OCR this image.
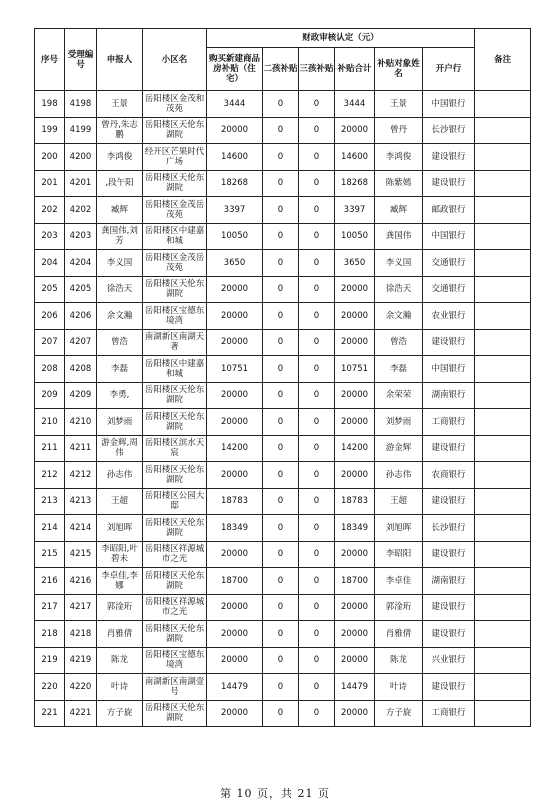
序号	受理编号	申报人	小区名	财政审核认定（元）						备注
				购买新建商品房补贴（住宅）	二孩补贴	三孩补贴	补贴合计	补贴对象姓名	开户行	
198	4198	王景	岳阳楼区金茂和茂苑	3444	0	0	3444	王景	中国银行	
199	4199	曾丹,朱志鹏	岳阳楼区天伦东湖院	20000	0	0	20000	曾丹	长沙银行	
200	4200	李鸿俊	经开区芒果时代广场	14600	0	0	14600	李鸿俊	建设银行	
201	4201	,段午阳	岳阳楼区天伦东湖院	18268	0	0	18268	陈紫嫣	建设银行	
202	4202	臧辉	岳阳楼区金茂岳茂苑	3397	0	0	3397	臧辉	邮政银行	
203	4203	龚国伟,刘芳	岳阳楼区中建嘉和城	10050	0	0	10050	龚国伟	中国银行	
204	4204	李义国	岳阳楼区金茂岳茂苑	3650	0	0	3650	李义国	交通银行	
205	4205	徐浩天	岳阳楼区天伦东湖院	20000	0	0	20000	徐浩天	交通银行	
206	4206	余文瀚	岳阳楼区宝德东境湾	20000	0	0	20000	余文瀚	农业银行	
207	4207	曾浩	南湖新区南湖天著	20000	0	0	20000	曾浩	建设银行	
208	4208	李磊	岳阳楼区中建嘉和城	10751	0	0	10751	李磊	中国银行	
209	4209	李勇,	岳阳楼区天伦东湖院	20000	0	0	20000	余荣荣	湖南银行	
210	4210	刘梦雨	岳阳楼区天伦东湖院	20000	0	0	20000	刘梦雨	工商银行	
211	4211	游金辉,周伟	岳阳楼区滨水天宸	14200	0	0	14200	游金辉	建设银行	
212	4212	孙志伟	岳阳楼区天伦东湖院	20000	0	0	20000	孙志伟	农商银行	
213	4213	王超	岳阳楼区公园大邸	18783	0	0	18783	王超	建设银行	
214	4214	刘旭晖	岳阳楼区天伦东湖院	18349	0	0	18349	刘旭晖	长沙银行	
215	4215	李昭阳,叶碧未	岳阳楼区祥源城市之光	20000	0	0	20000	李昭阳	建设银行	
216	4216	李卓佳,李娜	岳阳楼区天伦东湖院	18700	0	0	18700	李卓佳	湖南银行	
217	4217	郭淦珩	岳阳楼区祥源城市之光	20000	0	0	20000	郭淦珩	建设银行	
218	4218	肖雅倩	岳阳楼区天伦东湖院	20000	0	0	20000	肖雅倩	建设银行	
219	4219	陈龙	岳阳楼区宝德东境湾	20000	0	0	20000	陈龙	兴业银行	
220	4220	叶诗	南湖新区南湖壹号	14479	0	0	14479	叶诗	建设银行	
221	4221	方子旋	岳阳楼区天伦东湖院	20000	0	0	20000	方子旋	工商银行	
第 10 页，共 21 页
